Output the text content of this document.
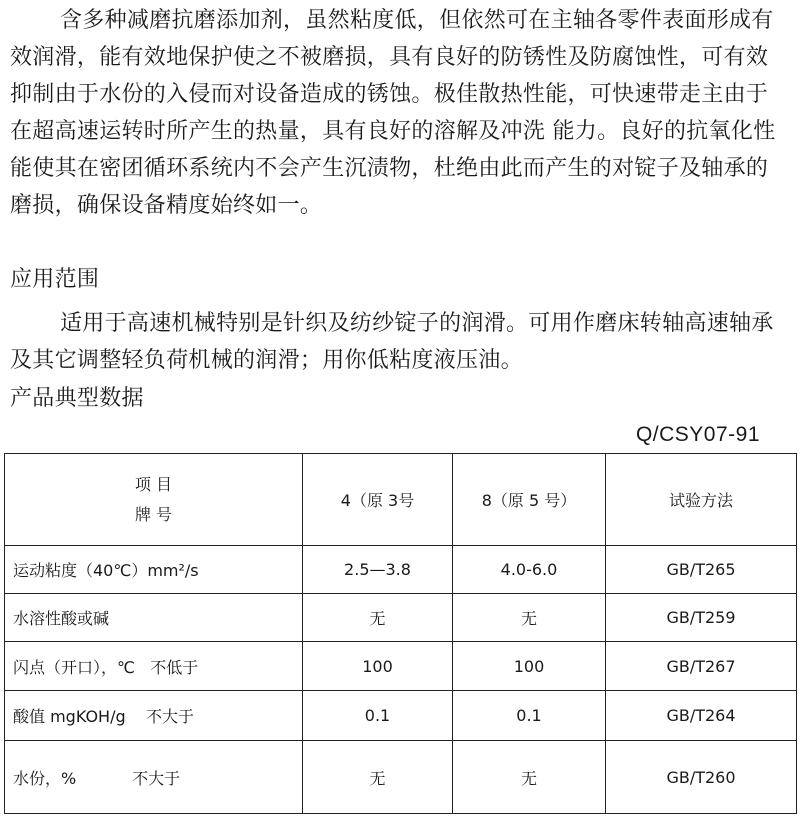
含多种减磨抗磨添加剂，虽然粘度低，但依然可在主轴各零件表面形成有效润滑，能有效地保护使之不被磨损，具有良好的防锈性及防腐蚀性，可有效抑制由于水份的入侵而对设备造成的锈蚀。极佳散热性能，可快速带走主由于在超高速运转时所产生的热量，具有良好的溶解及冲洗 能力。良好的抗氧化性能使其在密团循环系统内不会产生沉渍物，杜绝由此而产生的对锭子及轴承的磨损，确保设备精度始终如一。

应用范围

适用于高速机械特别是针织及纺纱锭子的润滑。可用作磨床转轴高速轴承及其它调整轻负荷机械的润滑；用你低粘度液压油。

产品典型数据

Q/CSY07-91
项 目
牌 号	4（原 3号	8（原 5 号）	试验方法
运动粘度（40℃）mm²/s	2.5—3.8	4.0-6.0	GB/T265
水溶性酸或碱	无	无	GB/T259
闪点（开口），℃   不低于	100	100	GB/T267
酸值 mgKOH/g    不大于	0.1	0.1	GB/T264
水份，%           不大于	无	无	GB/T260
